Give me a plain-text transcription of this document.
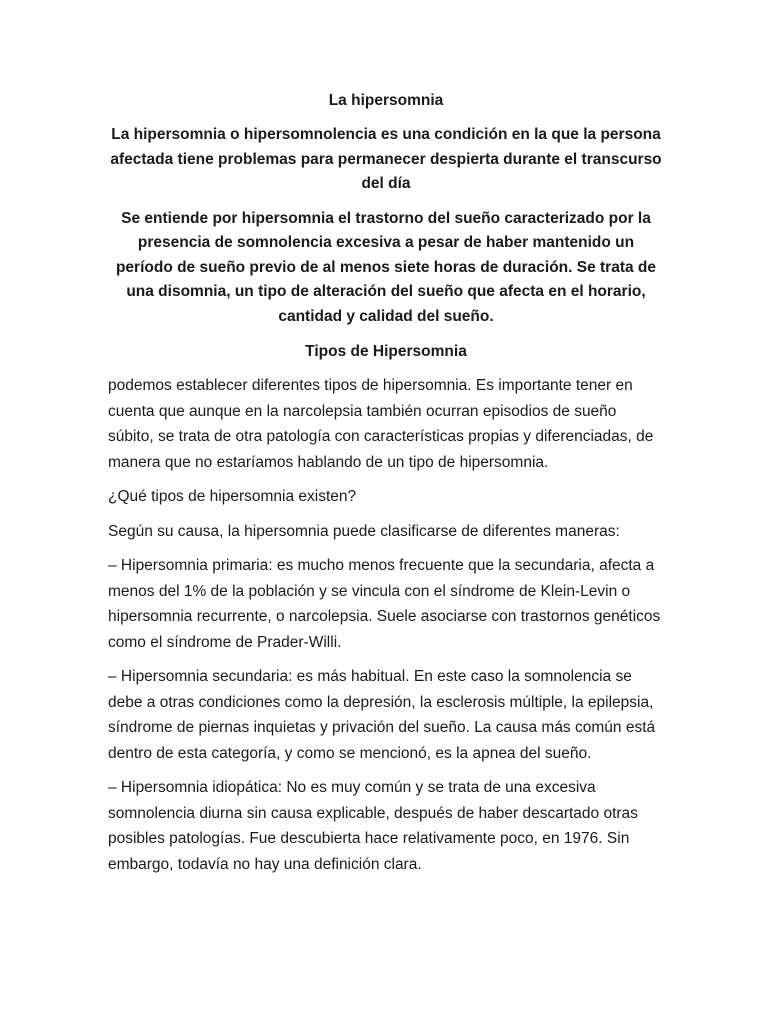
La hipersomnia
La hipersomnia o hipersomnolencia es una condición en la que la persona afectada tiene problemas para permanecer despierta durante el transcurso del día
Se entiende por hipersomnia el trastorno del sueño caracterizado por la presencia de somnolencia excesiva a pesar de haber mantenido un período de sueño previo de al menos siete horas de duración. Se trata de una disomnia, un tipo de alteración del sueño que afecta en el horario, cantidad y calidad del sueño.
Tipos de Hipersomnia
podemos establecer diferentes tipos de hipersomnia. Es importante tener en cuenta que aunque en la narcolepsia también ocurran episodios de sueño súbito, se trata de otra patología con características propias y diferenciadas, de manera que no estaríamos hablando de un tipo de hipersomnia.
¿Qué tipos de hipersomnia existen?
Según su causa, la hipersomnia puede clasificarse de diferentes maneras:
– Hipersomnia primaria: es mucho menos frecuente que la secundaria, afecta a menos del 1% de la población y se vincula con el síndrome de Klein-Levin o hipersomnia recurrente, o narcolepsia. Suele asociarse con trastornos genéticos como el síndrome de Prader-Willi.
– Hipersomnia secundaria: es más habitual. En este caso la somnolencia se debe a otras condiciones como la depresión, la esclerosis múltiple, la epilepsia, síndrome de piernas inquietas y privación del sueño. La causa más común está dentro de esta categoría, y como se mencionó, es la apnea del sueño.
– Hipersomnia idiopática: No es muy común y se trata de una excesiva somnolencia diurna sin causa explicable, después de haber descartado otras posibles patologías. Fue descubierta hace relativamente poco, en 1976. Sin embargo, todavía no hay una definición clara.
